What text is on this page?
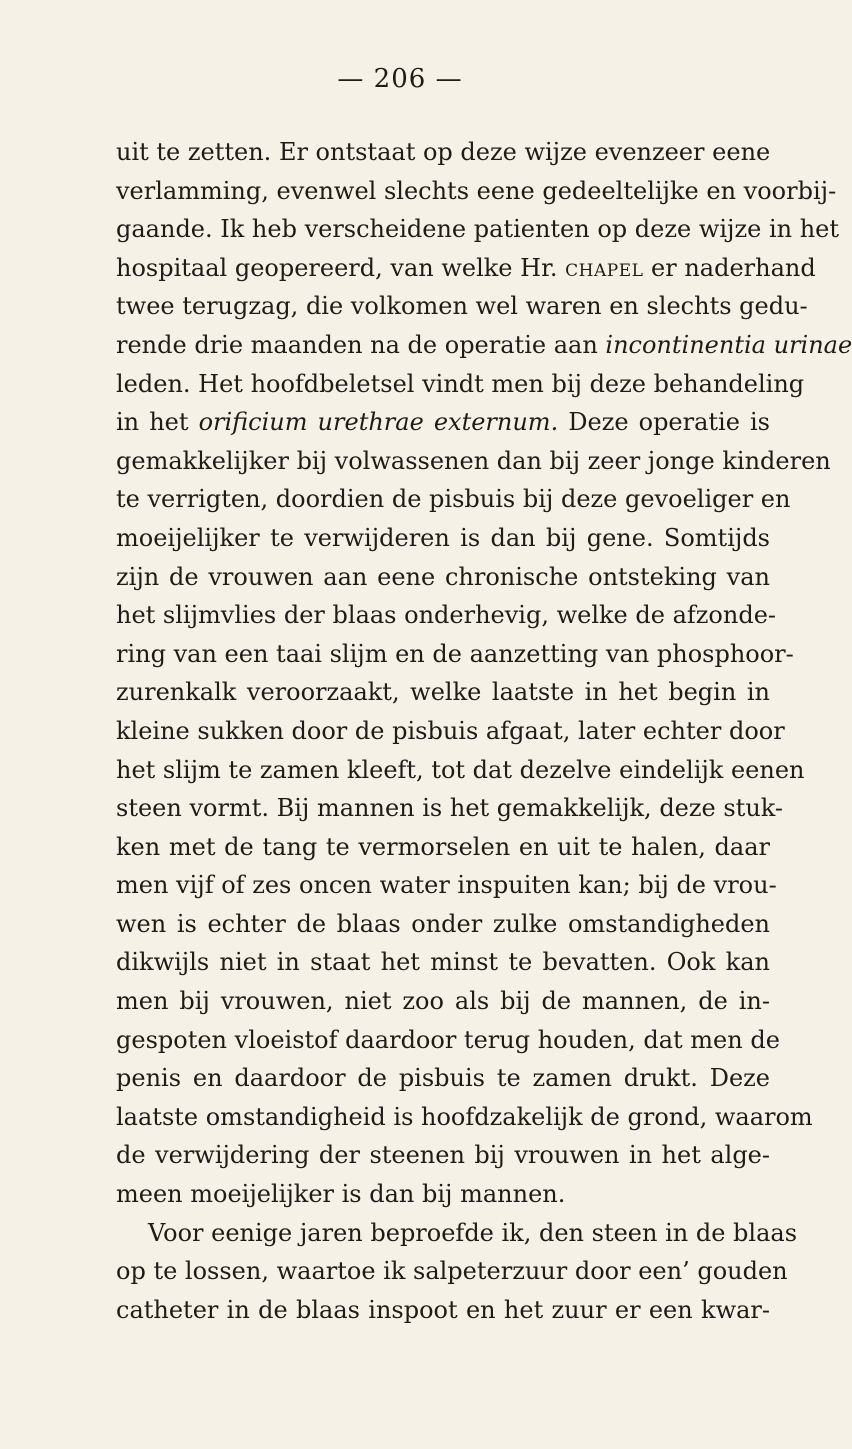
— 206 —
uit te zetten. Er ontstaat op deze wijze evenzeer eene
verlamming, evenwel slechts eene gedeeltelijke en voorbij-
gaande. Ik heb verscheidene patienten op deze wijze in het
hospitaal geopereerd, van welke Hr. chapel er naderhand
twee terugzag, die volkomen wel waren en slechts gedu-
rende drie maanden na de operatie aan incontinentia urinae
leden. Het hoofdbeletsel vindt men bij deze behandeling
in het orificium urethrae externum. Deze operatie is
gemakkelijker bij volwassenen dan bij zeer jonge kinderen
te verrigten, doordien de pisbuis bij deze gevoeliger en
moeijelijker te verwijderen is dan bij gene. Somtijds
zijn de vrouwen aan eene chronische ontsteking van
het slijmvlies der blaas onderhevig, welke de afzonde-
ring van een taai slijm en de aanzetting van phosphoor-
zurenkalk veroorzaakt, welke laatste in het begin in
kleine sukken door de pisbuis afgaat, later echter door
het slijm te zamen kleeft, tot dat dezelve eindelijk eenen
steen vormt. Bij mannen is het gemakkelijk, deze stuk-
ken met de tang te vermorselen en uit te halen, daar
men vijf of zes oncen water inspuiten kan; bij de vrou-
wen is echter de blaas onder zulke omstandigheden
dikwijls niet in staat het minst te bevatten. Ook kan
men bij vrouwen, niet zoo als bij de mannen, de in-
gespoten vloeistof daardoor terug houden, dat men de
penis en daardoor de pisbuis te zamen drukt. Deze
laatste omstandigheid is hoofdzakelijk de grond, waarom
de verwijdering der steenen bij vrouwen in het alge-
meen moeijelijker is dan bij mannen.
Voor eenige jaren beproefde ik, den steen in de blaas
op te lossen, waartoe ik salpeterzuur door een’ gouden
catheter in de blaas inspoot en het zuur er een kwar-
